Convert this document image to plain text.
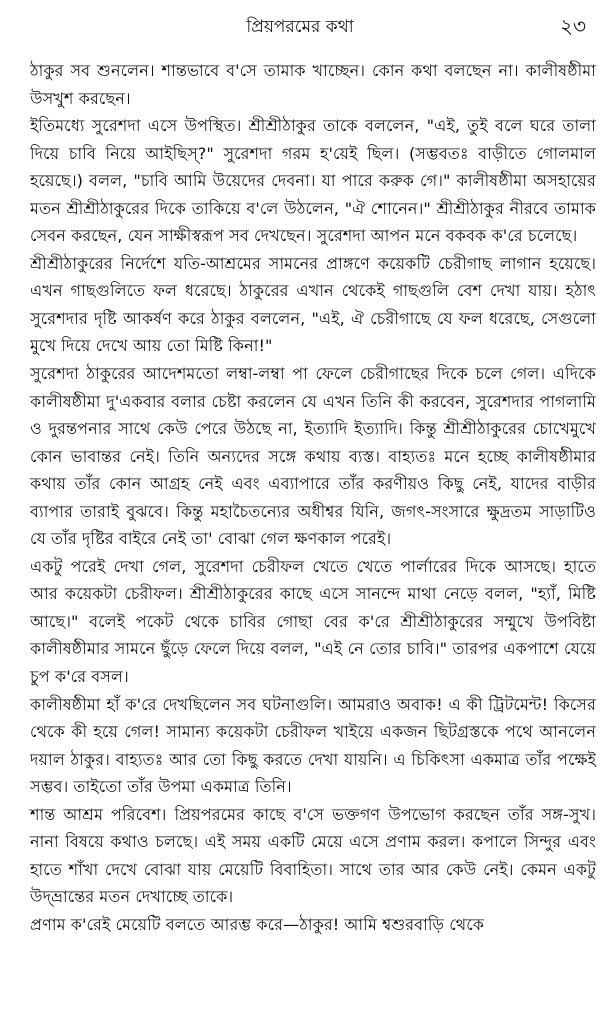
প্রিয়পরমের কথা	২৩

ঠাকুর সব শুনলেন। শান্তভাবে ব'সে তামাক খাচ্ছেন। কোন কথা বলছেন না। কালীষষ্ঠীমা উসখুশ করছেন।

ইতিমধ্যে সুরেশদা এসে উপস্থিত। শ্রীশ্রীঠাকুর তাকে বললেন, "এই, তুই বলে ঘরে তালা দিয়ে চাবি নিয়ে আইছিস্?" সুরেশদা গরম হ'য়েই ছিল। (সম্ভবতঃ বাড়ীতে গোলমাল হয়েছে।) বলল, "চাবি আমি উয়েদের দেবনা। যা পারে করুক গে।" কালীষষ্ঠীমা অসহায়ের মতন শ্রীশ্রীঠাকুরের দিকে তাকিয়ে ব'লে উঠলেন, "ঐ শোনেন।" শ্রীশ্রীঠাকুর নীরবে তামাক সেবন করছেন, যেন সাক্ষীস্বরূপ সব দেখছেন। সুরেশদা আপন মনে বকবক ক'রে চলেছে।

শ্রীশ্রীঠাকুরের নির্দেশে যতি-আশ্রমের সামনের প্রাঙ্গণে কয়েকটি চেরীগাছ লাগান হয়েছে। এখন গাছগুলিতে ফল ধরেছে। ঠাকুরের এখান থেকেই গাছগুলি বেশ দেখা যায়। হঠাৎ সুরেশদার দৃষ্টি আকর্ষণ করে ঠাকুর বললেন, "এই, ঐ চেরীগাছে যে ফল ধরেছে, সেগুলো মুখে দিয়ে দেখে আয় তো মিষ্টি কিনা!"

সুরেশদা ঠাকুরের আদেশমতো লম্বা-লম্বা পা ফেলে চেরীগাছের দিকে চলে গেল। এদিকে কালীষষ্ঠীমা দু'একবার বলার চেষ্টা করলেন যে এখন তিনি কী করবেন, সুরেশদার পাগলামি ও দুরন্তপনার সাথে কেউ পেরে উঠছে না, ইত্যাদি ইত্যাদি। কিন্তু শ্রীশ্রীঠাকুরের চোখেমুখে কোন ভাবান্তর নেই। তিনি অন্যদের সঙ্গে কথায় ব্যস্ত। বাহ্যতঃ মনে হচ্ছে কালীষষ্ঠীমার কথায় তাঁর কোন আগ্রহ নেই এবং এব্যাপারে তাঁর করণীয়ও কিছু নেই, যাদের বাড়ীর ব্যাপার তারাই বুঝবে। কিন্তু মহাচৈতন্যের অধীশ্বর যিনি, জগৎ-সংসারে ক্ষুদ্রতম সাড়াটিও যে তাঁর দৃষ্টির বাইরে নেই তা' বোঝা গেল ক্ষণকাল পরেই।

একটু পরেই দেখা গেল, সুরেশদা চেরীফল খেতে খেতে পার্লারের দিকে আসছে। হাতে আর কয়েকটা চেরীফল। শ্রীশ্রীঠাকুরের কাছে এসে সানন্দে মাথা নেড়ে বলল, "হ্যাঁ, মিষ্টি আছে।" বলেই পকেট থেকে চাবির গোছা বের ক'রে শ্রীশ্রীঠাকুরের সম্মুখে উপবিষ্টা কালীষষ্ঠীমার সামনে ছুঁড়ে ফেলে দিয়ে বলল, "এই নে তোর চাবি।" তারপর একপাশে যেয়ে চুপ ক'রে বসল।

কালীষষ্ঠীমা হাঁ ক'রে দেখছিলেন সব ঘটনাগুলি। আমরাও অবাক! এ কী ট্রিটমেন্ট! কিসের থেকে কী হয়ে গেল! সামান্য কয়েকটা চেরীফল খাইয়ে একজন ছিটগ্রস্তকে পথে আনলেন দয়াল ঠাকুর। বাহ্যতঃ আর তো কিছু করতে দেখা যায়নি। এ চিকিৎসা একমাত্র তাঁর পক্ষেই সম্ভব। তাইতো তাঁর উপমা একমাত্র তিনি।

শান্ত আশ্রম পরিবেশ। প্রিয়পরমের কাছে ব'সে ভক্তগণ উপভোগ করছেন তাঁর সঙ্গ-সুখ। নানা বিষয়ে কথাও চলছে। এই সময় একটি মেয়ে এসে প্রণাম করল। কপালে সিন্দুর এবং হাতে শাঁখা দেখে বোঝা যায় মেয়েটি বিবাহিতা। সাথে তার আর কেউ নেই। কেমন একটু উদ্‌ভ্রান্তের মতন দেখাচ্ছে তাকে।

প্রণাম ক'রেই মেয়েটি বলতে আরম্ভ করে—ঠাকুর! আমি শ্বশুরবাড়ি থেকে
